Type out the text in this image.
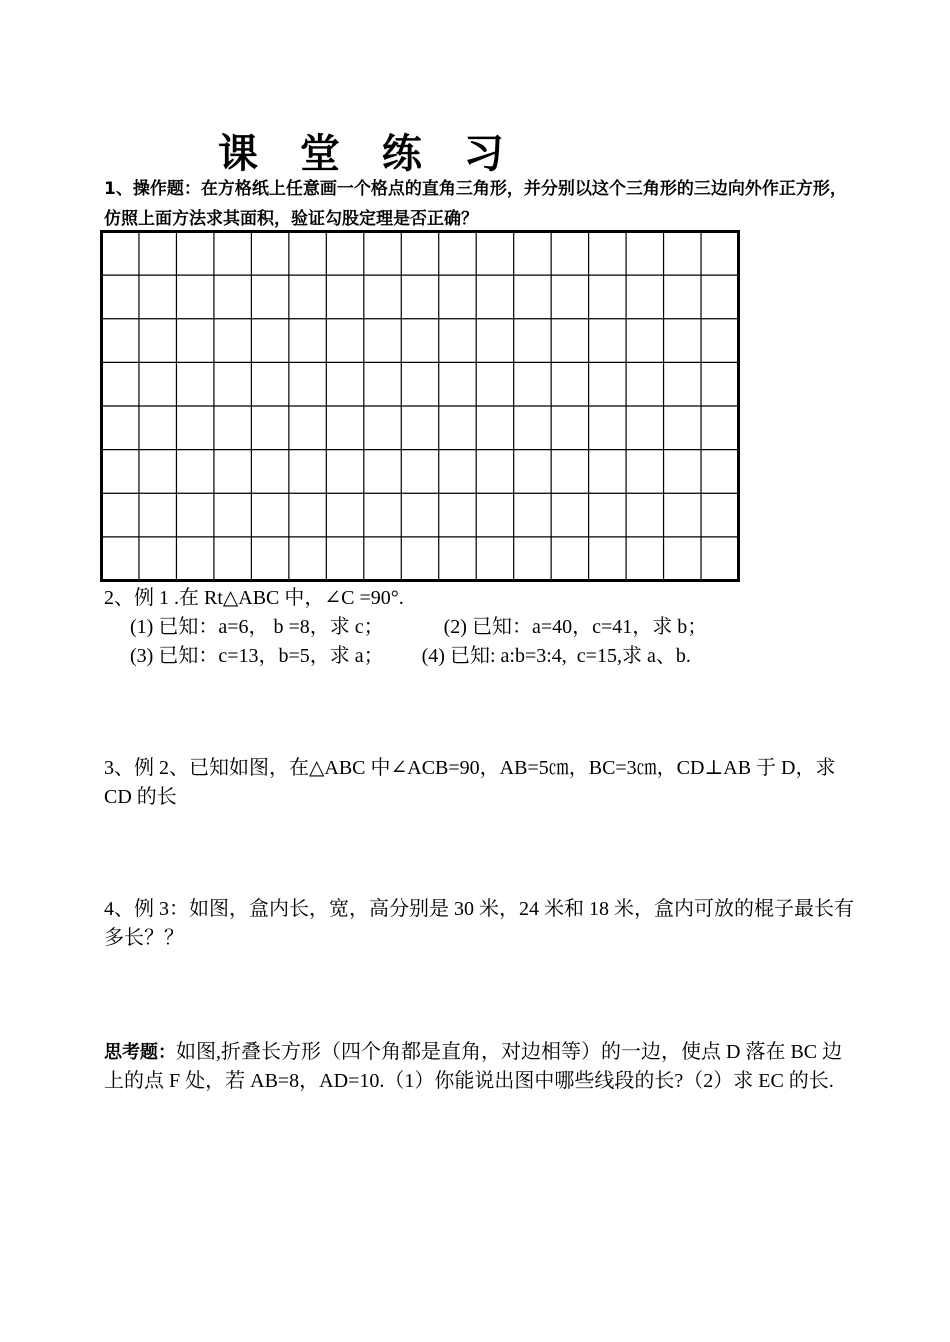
课 堂 练 习
1、操作题：在方格纸上任意画一个格点的直角三角形，并分别以这个三角形的三边向外作正方形，仿照上面方法求其面积，验证勾股定理是否正确？
2、例 1 .在 Rt△ABC 中，∠C =90°.
(1) 已知：a=6， b =8，求 c；	(2) 已知：a=40，c=41，求 b；
(3) 已知：c=13，b=5，求 a； (4) 已知: a:b=3:4,  c=15,求 a、b.
3、例 2、已知如图，在△ABC 中∠ACB=90，AB=5㎝，BC=3㎝，CD⊥AB 于 D，求 CD 的长
4、例 3：如图，盒内长，宽，高分别是 30 米，24 米和 18 米，盒内可放的棍子最长有多长？？
思考题：如图,折叠长方形（四个角都是直角，对边相等）的一边，使点 D 落在 BC 边上的点 F 处，若 AB=8，AD=10.（1）你能说出图中哪些线段的长?（2）求 EC 的长.
